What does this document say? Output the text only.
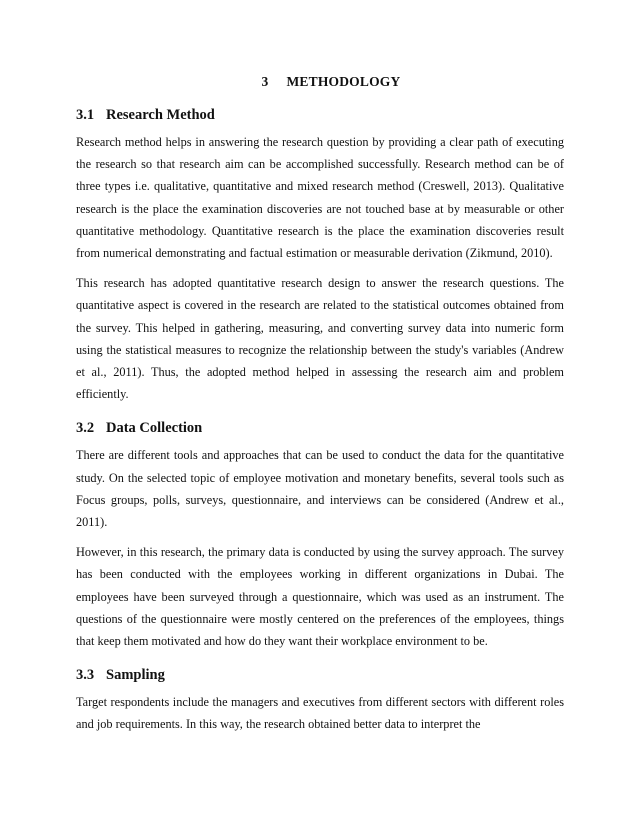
3 METHODOLOGY
3.1 Research Method

Research method helps in answering the research question by providing a clear path of executing the research so that research aim can be accomplished successfully. Research method can be of three types i.e. qualitative, quantitative and mixed research method (Creswell, 2013). Qualitative research is the place the examination discoveries are not touched base at by measurable or other quantitative methodology. Quantitative research is the place the examination discoveries result from numerical demonstrating and factual estimation or measurable derivation (Zikmund, 2010).

This research has adopted quantitative research design to answer the research questions. The quantitative aspect is covered in the research are related to the statistical outcomes obtained from the survey. This helped in gathering, measuring, and converting survey data into numeric form using the statistical measures to recognize the relationship between the study's variables (Andrew et al., 2011). Thus, the adopted method helped in assessing the research aim and problem efficiently.

3.2 Data Collection

There are different tools and approaches that can be used to conduct the data for the quantitative study. On the selected topic of employee motivation and monetary benefits, several tools such as Focus groups, polls, surveys, questionnaire, and interviews can be considered (Andrew et al., 2011).

However, in this research, the primary data is conducted by using the survey approach. The survey has been conducted with the employees working in different organizations in Dubai. The employees have been surveyed through a questionnaire, which was used as an instrument. The questions of the questionnaire were mostly centered on the preferences of the employees, things that keep them motivated and how do they want their workplace environment to be.

3.3 Sampling

Target respondents include the managers and executives from different sectors with different roles and job requirements. In this way, the research obtained better data to interpret the
